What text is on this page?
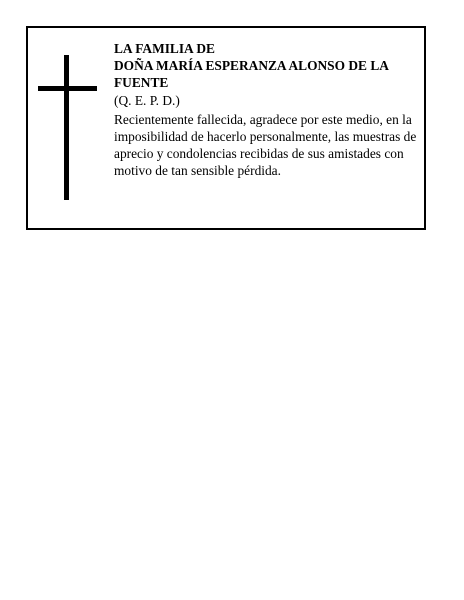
LA FAMILIA DE

DOÑA MARÍA ESPERANZA ALONSO DE LA FUENTE

(Q. E. P. D.)

Recientemente fallecida, agradece por este medio, en la imposibilidad de hacerlo personalmente, las muestras de aprecio y condolencias recibidas de sus amistades con motivo de tan sensible pérdida.
